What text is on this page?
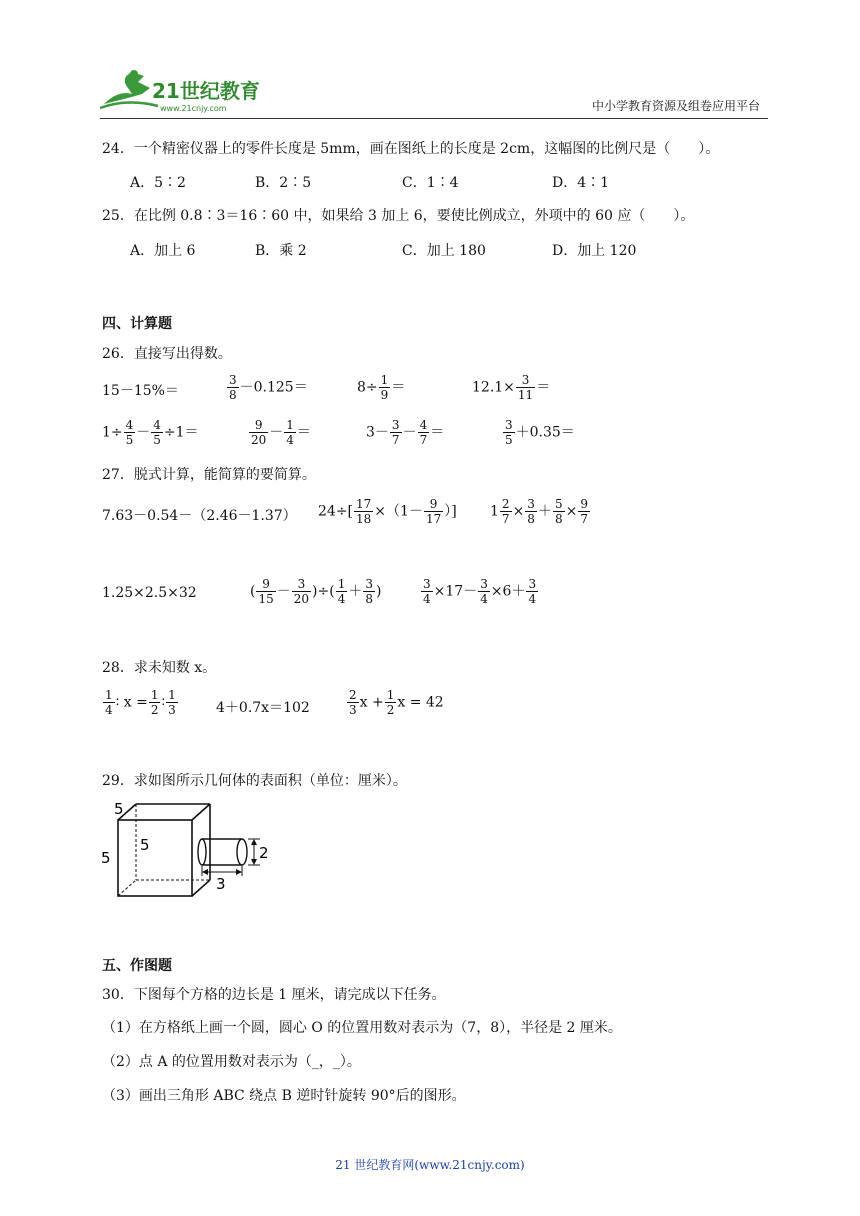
21世纪教育
www.21cnjy.com	中小学教育资源及组卷应用平台
24．一个精密仪器上的零件长度是 5mm，画在图纸上的长度是 2cm，这幅图的比例尺是（　　）。
A．5∶2	B．2∶5	C．1∶4	D．4∶1
25．在比例 0.8∶3＝16∶60 中，如果给 3 加上 6，要使比例成立，外项中的 60 应（　　）。
A．加上 6	B．乘 2	C．加上 180	D．加上 120
四、计算题
26．直接写出得数。
15－15%＝	$\frac{3}{8} -0.125=$	$8\div \frac{1}{9}$ ＝	$12.1\times \frac{3}{11}$ ＝
$1\div \frac{4}{5} - \frac{4}{5} \div 1=$	$\frac{9}{20} - \frac{1}{4}$ ＝	$3- \frac{3}{7} - \frac{4}{7}$ ＝	$\frac{3}{5} +0.35=$
27．脱式计算，能简算的要简算。
7.63－0.54－（2.46－1.37） $24\div[ \frac{17}{18} \times(1- \frac{9}{17}$ ）] $1 \frac{2}{7} \times \frac{3}{8} + \frac{5}{8} \times \frac{9}{7}$
1.25×2.5×32	( $\frac{9}{15} - \frac{3}{20}$ )÷( $\frac{1}{4} + \frac{3}{8}$ )	$\frac{3}{4} \times 17- \frac{3}{4} \times 6+ \frac{3}{4}$
28．求未知数 x。
$\frac{1}{4}$ ∶ $x = \frac{1}{2}$ ∶ $\frac{1}{3}$	4＋0.7x＝102	$\frac{2}{3}$ $x + \frac{1}{2}$ x = 42
29．求如图所示几何体的表面积（单位：厘米）。
5
5
5	2
3
五、作图题
30．下图每个方格的边长是 1 厘米，请完成以下任务。
（1）在方格纸上画一个圆，圆心 O 的位置用数对表示为（7，8），半径是 2 厘米。
（2）点 A 的位置用数对表示为（_，_）。
（3）画出三角形 ABC 绕点 B 逆时针旋转 90°后的图形。
21 世纪教育网(www.21cnjy.com)
